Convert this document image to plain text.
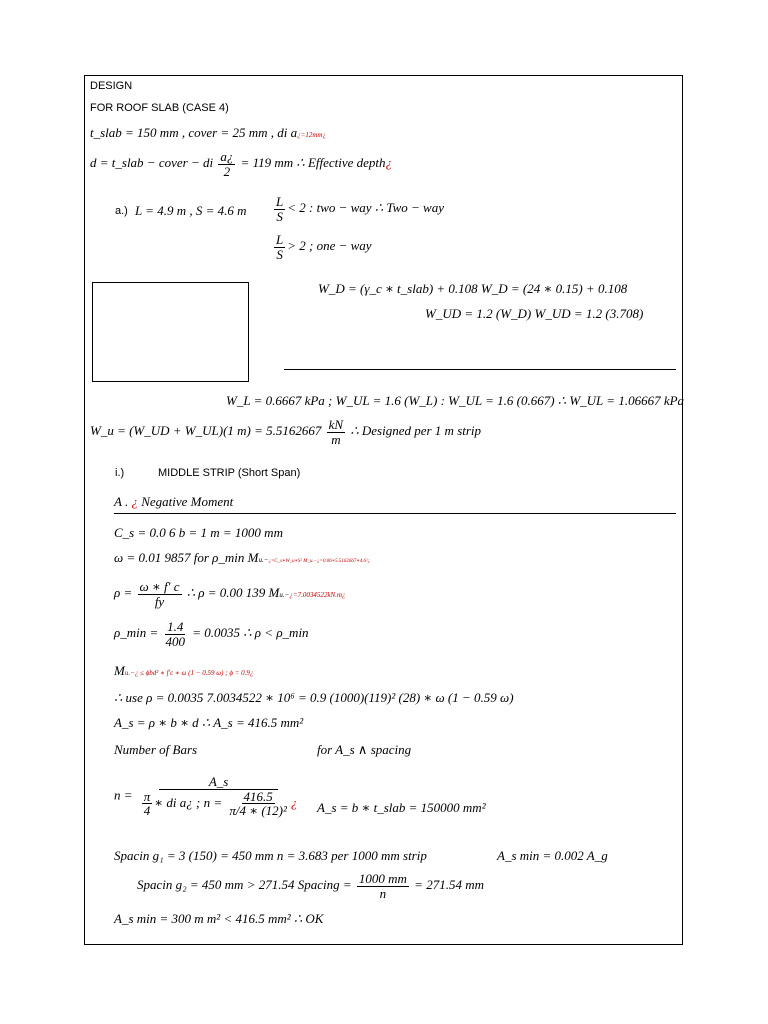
DESIGN
FOR ROOF SLAB (CASE 4)
t_slab = 150 mm , cover = 25 mm , di a¿=12mm¿
d = t_slab − cover − di $\frac{a¿}{2} = 119$ mm ∴ Effective depth¿
a.) L = 4.9 m , S = 4.6 m $\frac{L}{S} < 2$ : two − way ∴ Two − way
$\frac{L}{S} > 2$ ; one − way
W_D = (γ_c ∗ t_slab) + 0.108 W_D = (24 ∗ 0.15) + 0.108
W_UD = 1.2 (W_D) W_UD = 1.2 (3.708)
W_L = 0.6667 kPa ; W_UL = 1.6 (W_L) : W_UL = 1.6 (0.667) ∴ W_UL = 1.06667 kPa
W_u = (W_UD + W_UL)(1 $m) = 5.5162667 \frac{kN}{m}$ ∴ Designed per 1 m strip
i.)	MIDDLE STRIP (Short Span)
A . ¿ Negative Moment
C_s = 0.0 6 b = 1 m = 1000 mm
ω = 0.01 9857 for ρ_min Mu.−¿=C_s∗W_u∗S² M_u.−¿=0.06∗5.5162667∗4.6²¿
$\rho = \frac{\omega ∗ f' c}{fy}$ ∴ ρ = 0.00 139 Mu.−¿=7.0034522kN.m¿
ρ_min = $\frac{1.4}{400} = 0.0035$ ∴ ρ < ρ_min
Mu.−¿ ≤ ϕbd² ∗ f′c ∗ ω (1 − 0.59 ω) ; ϕ = 0.9¿
∴ use ρ = 0.0035 7.0034522 ∗ 10⁶ = 0.9 (1000)(119)² (28) ∗ ω (1 − 0.59 ω)
A_s = ρ ∗ b ∗ d ∴ A_s = 416.5 mm²
Number of Bars	for A_s ∧ spacing
$n = \frac{A\_s}{\frac{\pi}{4} ∗ di a¿ ; n = \frac{416.5}{\text{π/4 ∗ (12)²}} ¿}$ A_s = b ∗ t_slab = 150000 mm²
Spacin g₁ = 3 (150) = 450 mm n = 3.683 per 1000 mm strip	A_s min = 0.002 A_g
Spacin g₂ = 450 mm > 271.54 Spacing = $\frac{1000 mm}{n} = 271.54$ mm
A_s min = 300 m m² < 416.5 mm² ∴ OK
